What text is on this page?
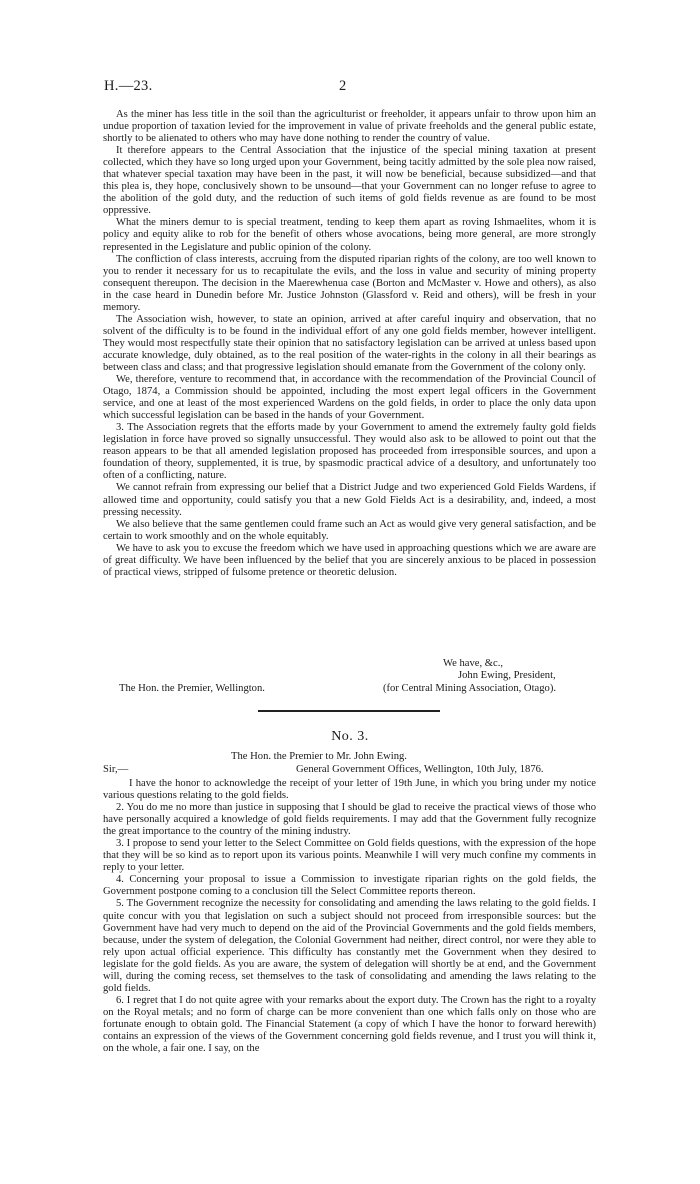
H.—23.	2

As the miner has less title in the soil than the agriculturist or freeholder, it appears unfair to throw upon him an undue proportion of taxation levied for the improvement in value of private freeholds and the general public estate, shortly to be alienated to others who may have done nothing to render the country of value.

It therefore appears to the Central Association that the injustice of the special mining taxation at present collected, which they have so long urged upon your Government, being tacitly admitted by the sole plea now raised, that whatever special taxation may have been in the past, it will now be beneficial, because subsidized—and that this plea is, they hope, conclusively shown to be unsound—that your Government can no longer refuse to agree to the abolition of the gold duty, and the reduction of such items of gold fields revenue as are found to be most oppressive.

What the miners demur to is special treatment, tending to keep them apart as roving Ishmaelites, whom it is policy and equity alike to rob for the benefit of others whose avocations, being more general, are more strongly represented in the Legislature and public opinion of the colony.

The confliction of class interests, accruing from the disputed riparian rights of the colony, are too well known to you to render it necessary for us to recapitulate the evils, and the loss in value and security of mining property consequent thereupon. The decision in the Maerewhenua case (Borton and McMaster v. Howe and others), as also in the case heard in Dunedin before Mr. Justice Johnston (Glassford v. Reid and others), will be fresh in your memory.

The Association wish, however, to state an opinion, arrived at after careful inquiry and observation, that no solvent of the difficulty is to be found in the individual effort of any one gold fields member, however intelligent. They would most respectfully state their opinion that no satisfactory legislation can be arrived at unless based upon accurate knowledge, duly obtained, as to the real position of the water-rights in the colony in all their bearings as between class and class; and that progressive legislation should emanate from the Government of the colony only.

We, therefore, venture to recommend that, in accordance with the recommendation of the Provincial Council of Otago, 1874, a Commission should be appointed, including the most expert legal officers in the Government service, and one at least of the most experienced Wardens on the gold fields, in order to place the only data upon which successful legislation can be based in the hands of your Government.

3. The Association regrets that the efforts made by your Government to amend the extremely faulty gold fields legislation in force have proved so signally unsuccessful. They would also ask to be allowed to point out that the reason appears to be that all amended legislation proposed has proceeded from irresponsible sources, and upon a foundation of theory, supplemented, it is true, by spasmodic practical advice of a desultory, and unfortunately too often of a conflicting, nature.

We cannot refrain from expressing our belief that a District Judge and two experienced Gold Fields Wardens, if allowed time and opportunity, could satisfy you that a new Gold Fields Act is a desirability, and, indeed, a most pressing necessity.

We also believe that the same gentlemen could frame such an Act as would give very general satisfaction, and be certain to work smoothly and on the whole equitably.

We have to ask you to excuse the freedom which we have used in approaching questions which we are aware are of great difficulty. We have been influenced by the belief that you are sincerely anxious to be placed in possession of practical views, stripped of fulsome pretence or theoretic delusion.

We have, &c.,
John Ewing, President,
The Hon. the Premier, Wellington.	(for Central Mining Association, Otago).
No. 3.
The Hon. the Premier to Mr. John Ewing.
Sir,—	General Government Offices, Wellington, 10th July, 1876.

I have the honor to acknowledge the receipt of your letter of 19th June, in which you bring under my notice various questions relating to the gold fields.

2. You do me no more than justice in supposing that I should be glad to receive the practical views of those who have personally acquired a knowledge of gold fields requirements. I may add that the Government fully recognize the great importance to the country of the mining industry.

3. I propose to send your letter to the Select Committee on Gold fields questions, with the expression of the hope that they will be so kind as to report upon its various points. Meanwhile I will very much confine my comments in reply to your letter.

4. Concerning your proposal to issue a Commission to investigate riparian rights on the gold fields, the Government postpone coming to a conclusion till the Select Committee reports thereon.

5. The Government recognize the necessity for consolidating and amending the laws relating to the gold fields. I quite concur with you that legislation on such a subject should not proceed from irresponsible sources: but the Government have had very much to depend on the aid of the Provincial Governments and the gold fields members, because, under the system of delegation, the Colonial Government had neither, direct control, nor were they able to rely upon actual official experience. This difficulty has constantly met the Government when they desired to legislate for the gold fields. As you are aware, the system of delegation will shortly be at end, and the Government will, during the coming recess, set themselves to the task of consolidating and amending the laws relating to the gold fields.

6. I regret that I do not quite agree with your remarks about the export duty. The Crown has the right to a royalty on the Royal metals; and no form of charge can be more convenient than one which falls only on those who are fortunate enough to obtain gold. The Financial Statement (a copy of which I have the honor to forward herewith) contains an expression of the views of the Government concerning gold fields revenue, and I trust you will think it, on the whole, a fair one. I say, on the
